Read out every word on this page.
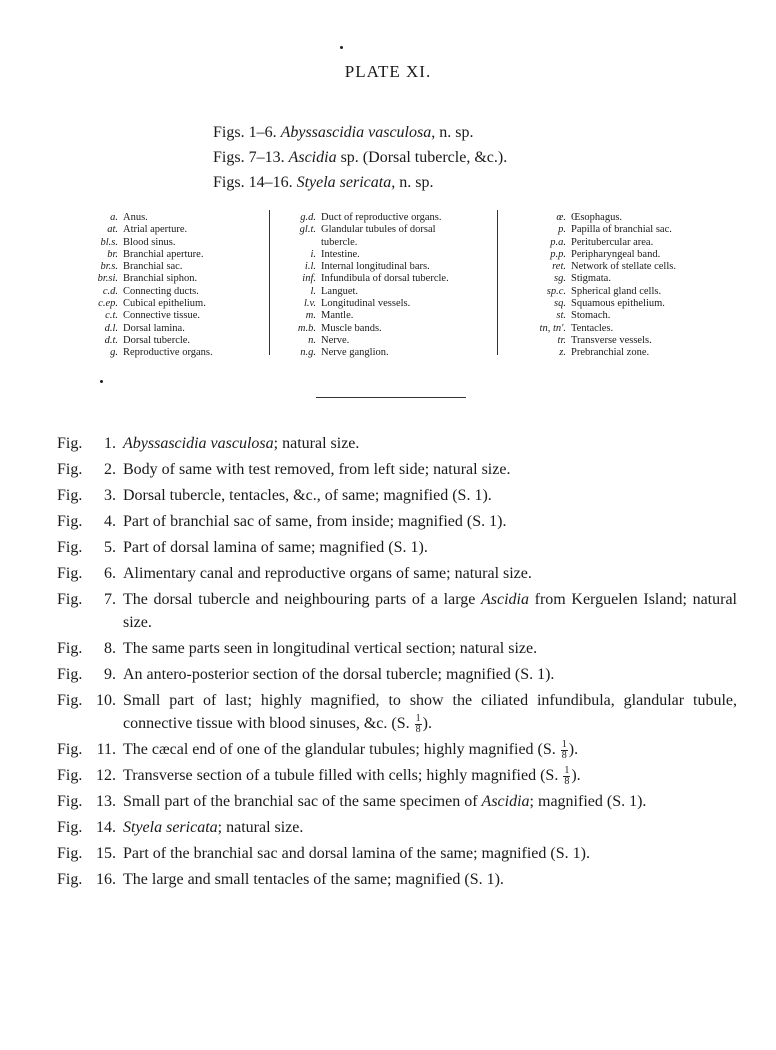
PLATE XI.
Figs. 1–6. Abyssascidia vasculosa, n. sp.
Figs. 7–13. Ascidia sp. (Dorsal tubercle, &c.).
Figs. 14–16. Styela sericata, n. sp.
a. Anus.
at. Atrial aperture.
bl.s. Blood sinus.
br. Branchial aperture.
br.s. Branchial sac.
br.si. Branchial siphon.
c.d. Connecting ducts.
c.ep. Cubical epithelium.
c.t. Connective tissue.
d.l. Dorsal lamina.
d.t. Dorsal tubercle.
g. Reproductive organs.
g.d. Duct of reproductive organs.
gl.t. Glandular tubules of dorsal
tubercle.
i. Intestine.
i.l. Internal longitudinal bars.
inf. Infundibula of dorsal tubercle.
l. Languet.
l.v. Longitudinal vessels.
m. Mantle.
m.b. Muscle bands.
n. Nerve.
n.g. Nerve ganglion.
œ. Œsophagus.
p. Papilla of branchial sac.
p.a. Peritubercular area.
p.p. Peripharyngeal band.
ret. Network of stellate cells.
sg. Stigmata.
sp.c. Spherical gland cells.
sq. Squamous epithelium.
st. Stomach.
tn, tn'. Tentacles.
tr. Transverse vessels.
z. Prebranchial zone.
Fig.	1. Abyssascidia vasculosa; natural size.
Fig.	2. Body of same with test removed, from left side; natural size.
Fig.	3. Dorsal tubercle, tentacles, &c., of same; magnified (S. 1).
Fig.	4. Part of branchial sac of same, from inside; magnified (S. 1).
Fig.	5. Part of dorsal lamina of same; magnified (S. 1).
Fig.	6. Alimentary canal and reproductive organs of same; natural size.
Fig.	7. The dorsal tubercle and neighbouring parts of a large Ascidia from Kerguelen Island; natural size.
Fig.	8. The same parts seen in longitudinal vertical section; natural size.
Fig.	9. An antero-posterior section of the dorsal tubercle; magnified (S. 1).
Fig. 10. Small part of last; highly magnified, to show the ciliated infundibula, glandular tubule, connective tissue with blood sinuses, &c. (S. $\frac{1}{8}$ ).
Fig. 11. The cæcal end of one of the glandular tubules; highly magnified (S. $\frac{1}{8}$ ).
Fig. 12. Transverse section of a tubule filled with cells; highly magnified (S. $\frac{1}{8}$ ).
Fig. 13. Small part of the branchial sac of the same specimen of Ascidia; magnified (S. 1).
Fig. 14. Styela sericata; natural size.
Fig. 15. Part of the branchial sac and dorsal lamina of the same; magnified (S. 1).
Fig. 16. The large and small tentacles of the same; magnified (S. 1).
